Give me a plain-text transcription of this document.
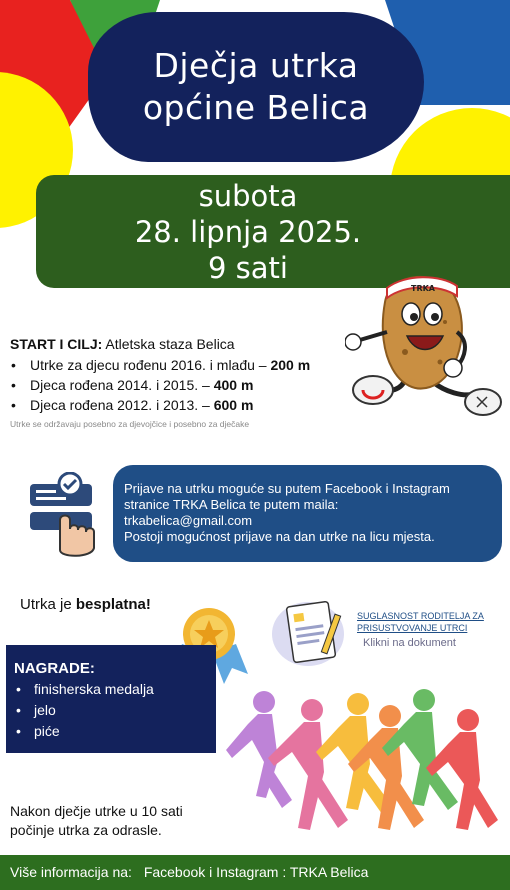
Dječja utrka
općine Belica
subota
28. lipnja 2025.
9 sati
TRKA
START I CILJ: Atletska staza Belica
• Utrke za djecu rođenu 2016. i mlađu – 200 m
• Djeca rođena 2014. i 2015. – 400 m
• Djeca rođena 2012. i 2013. – 600 m
Utrke se održavaju posebno za djevojčice i posebno za dječake

Prijave na utrku moguće su putem Facebook i Instagram

stranice TRKA Belica te putem maila:

trkabelica@gmail.com

Postoji mogućnost prijave na dan utrke na licu mjesta.

Utrka je besplatna!
SUGLASNOST RODITELJA ZA
PRISUSTVOVANJE UTRCI
Klikni na dokument
NAGRADE:
• finisherska medalja
• jelo
• piće
Nakon dječje utrke u 10 sati
počinje utrka za odrasle.
Više informacija na: Facebook i Instagram : TRKA Belica
